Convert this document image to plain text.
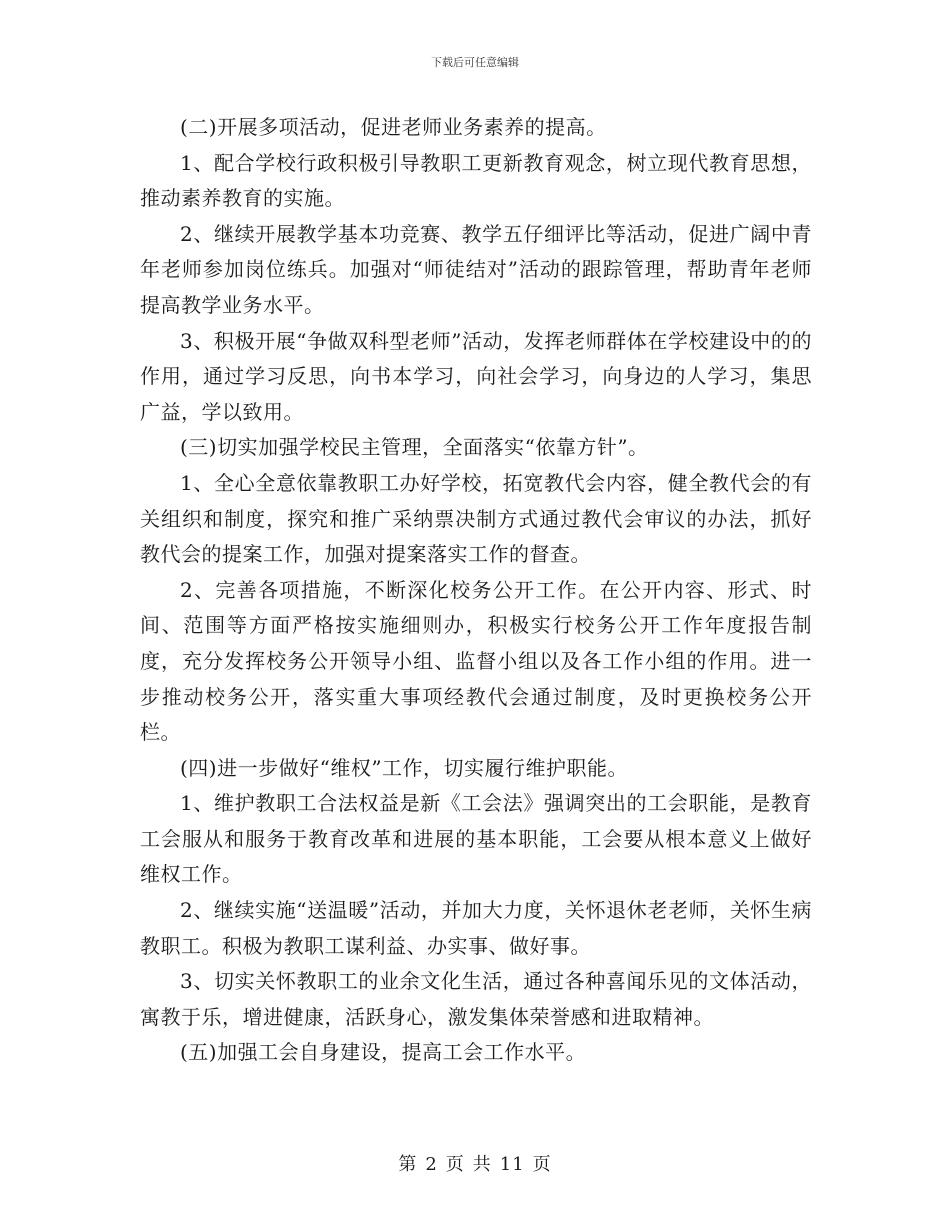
下载后可任意编辑

(二)开展多项活动，促进老师业务素养的提高。

1、配合学校行政积极引导教职工更新教育观念，树立现代教育思想，推动素养教育的实施。

2、继续开展教学基本功竞赛、教学五仔细评比等活动，促进广阔中青年老师参加岗位练兵。加强对“师徒结对”活动的跟踪管理，帮助青年老师提高教学业务水平。

3、积极开展“争做双科型老师”活动，发挥老师群体在学校建设中的的作用，通过学习反思，向书本学习，向社会学习，向身边的人学习，集思广益，学以致用。

(三)切实加强学校民主管理，全面落实“依靠方针”。

1、全心全意依靠教职工办好学校，拓宽教代会内容，健全教代会的有关组织和制度，探究和推广采纳票决制方式通过教代会审议的办法，抓好教代会的提案工作，加强对提案落实工作的督查。

2、完善各项措施，不断深化校务公开工作。在公开内容、形式、时间、范围等方面严格按实施细则办，积极实行校务公开工作年度报告制度，充分发挥校务公开领导小组、监督小组以及各工作小组的作用。进一步推动校务公开，落实重大事项经教代会通过制度，及时更换校务公开栏。

(四)进一步做好“维权”工作，切实履行维护职能。

1、维护教职工合法权益是新《工会法》强调突出的工会职能，是教育工会服从和服务于教育改革和进展的基本职能，工会要从根本意义上做好维权工作。

2、继续实施“送温暖”活动，并加大力度，关怀退休老老师，关怀生病教职工。积极为教职工谋利益、办实事、做好事。

3、切实关怀教职工的业余文化生活，通过各种喜闻乐见的文体活动，寓教于乐，增进健康，活跃身心，激发集体荣誉感和进取精神。

(五)加强工会自身建设，提高工会工作水平。

第 2 页 共 11 页
